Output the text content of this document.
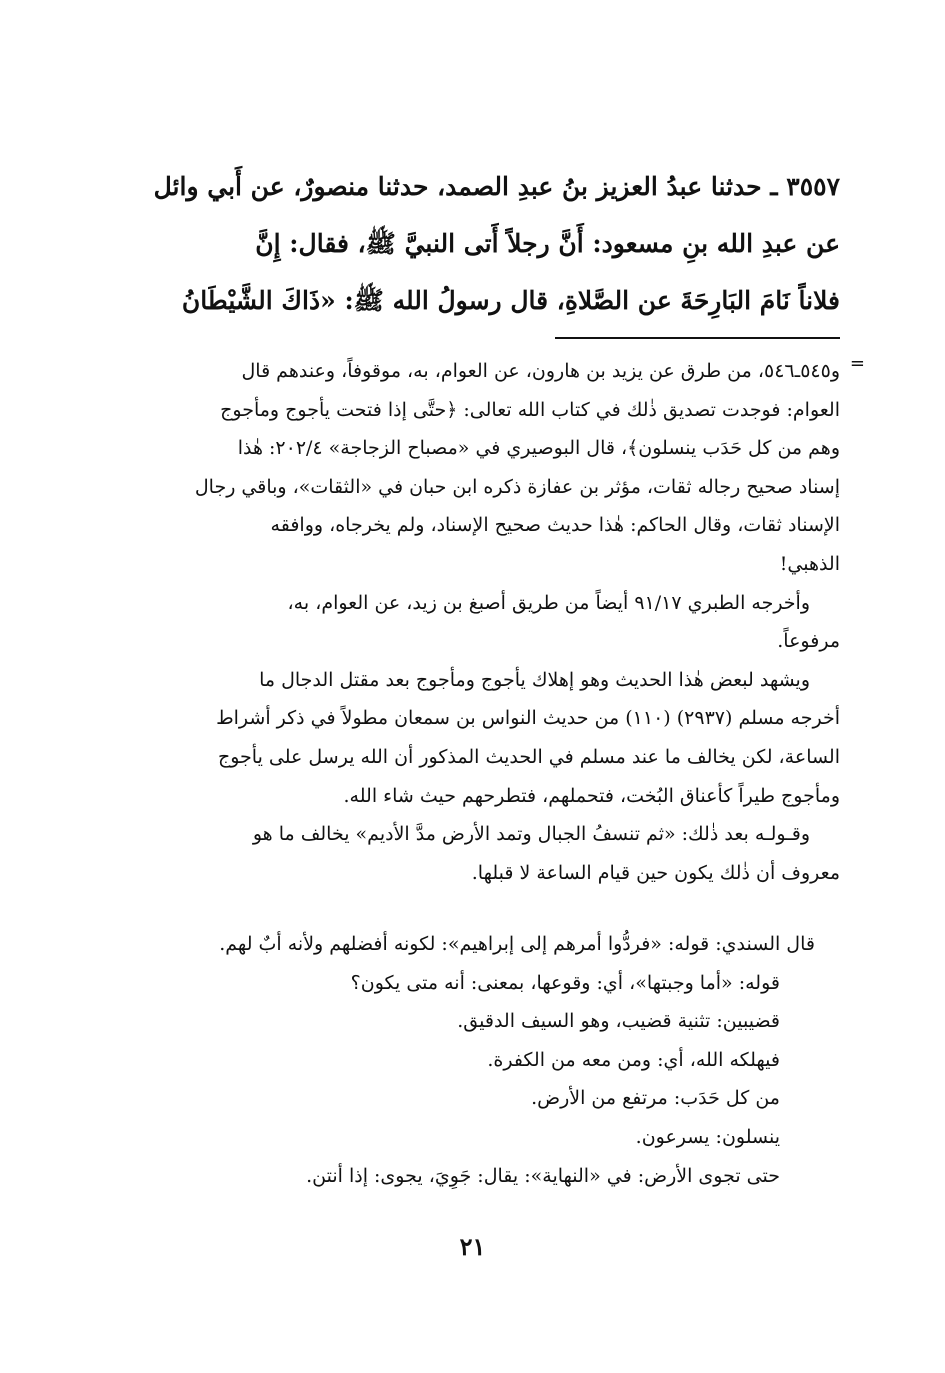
٣٥٥٧ ـ حدثنا عبدُ العزيز بنُ عبدِ الصمد، حدثنا منصورٌ، عن أَبي وائل
عن عبدِ الله بنِ مسعود: أَنَّ رجلاً أَتى النبيَّ ﷺ، فقال: إِنَّ
فلاناً نَامَ البَارِحَةَ عن الصَّلاةِ، قال رسولُ الله ﷺ: «ذَاكَ الشَّيْطَانُ
=
و٥٤٥ـ٥٤٦، من طرق عن يزيد بن هارون، عن العوام، به، موقوفاً، وعندهم قال
العوام: فوجدت تصديق ذٰلك في كتاب الله تعالى: ﴿حتَّى إذا فتحت يأجوج ومأجوج
وهم من كل حَدَب ينسلون﴾، قال البوصيري في «مصباح الزجاجة» ٢٠٢/٤: هٰذا
إسناد صحيح رجاله ثقات، مؤثر بن عفازة ذكره ابن حبان في «الثقات»، وباقي رجال
الإسناد ثقات، وقال الحاكم: هٰذا حديث صحيح الإسناد، ولم يخرجاه، ووافقه
الذهبي!
وأخرجه الطبري ٩١/١٧ أيضاً من طريق أصبغ بن زيد، عن العوام، به،
مرفوعاً.
ويشهد لبعض هٰذا الحديث وهو إهلاك يأجوج ومأجوج بعد مقتل الدجال ما
أخرجه مسلم (٢٩٣٧) (١١٠) من حديث النواس بن سمعان مطولاً في ذكر أشراط
الساعة، لكن يخالف ما عند مسلم في الحديث المذكور أن الله يرسل على يأجوج
ومأجوج طيراً كأعناق البُخت، فتحملهم، فتطرحهم حيث شاء الله.
وقـولـه بعد ذٰلك: «ثم تنسفُ الجبال وتمد الأرض مدَّ الأديم» يخالف ما هو
معروف أن ذٰلك يكون حين قيام الساعة لا قبلها.
قال السندي: قوله: «فردُّوا أمرهم إلى إبراهيم»: لكونه أفضلهم ولأنه أبٌ لهم.
قوله: «أما وجبتها»، أي: وقوعها، بمعنى: أنه متى يكون؟
قضيبين: تثنية قضيب، وهو السيف الدقيق.
فيهلكه الله، أي: ومن معه من الكفرة.
من كل حَدَب: مرتفع من الأرض.
ينسلون: يسرعون.
حتى تجوى الأرض: في «النهاية»: يقال: جَوِيَ، يجوى: إذا أنتن.
٢١
